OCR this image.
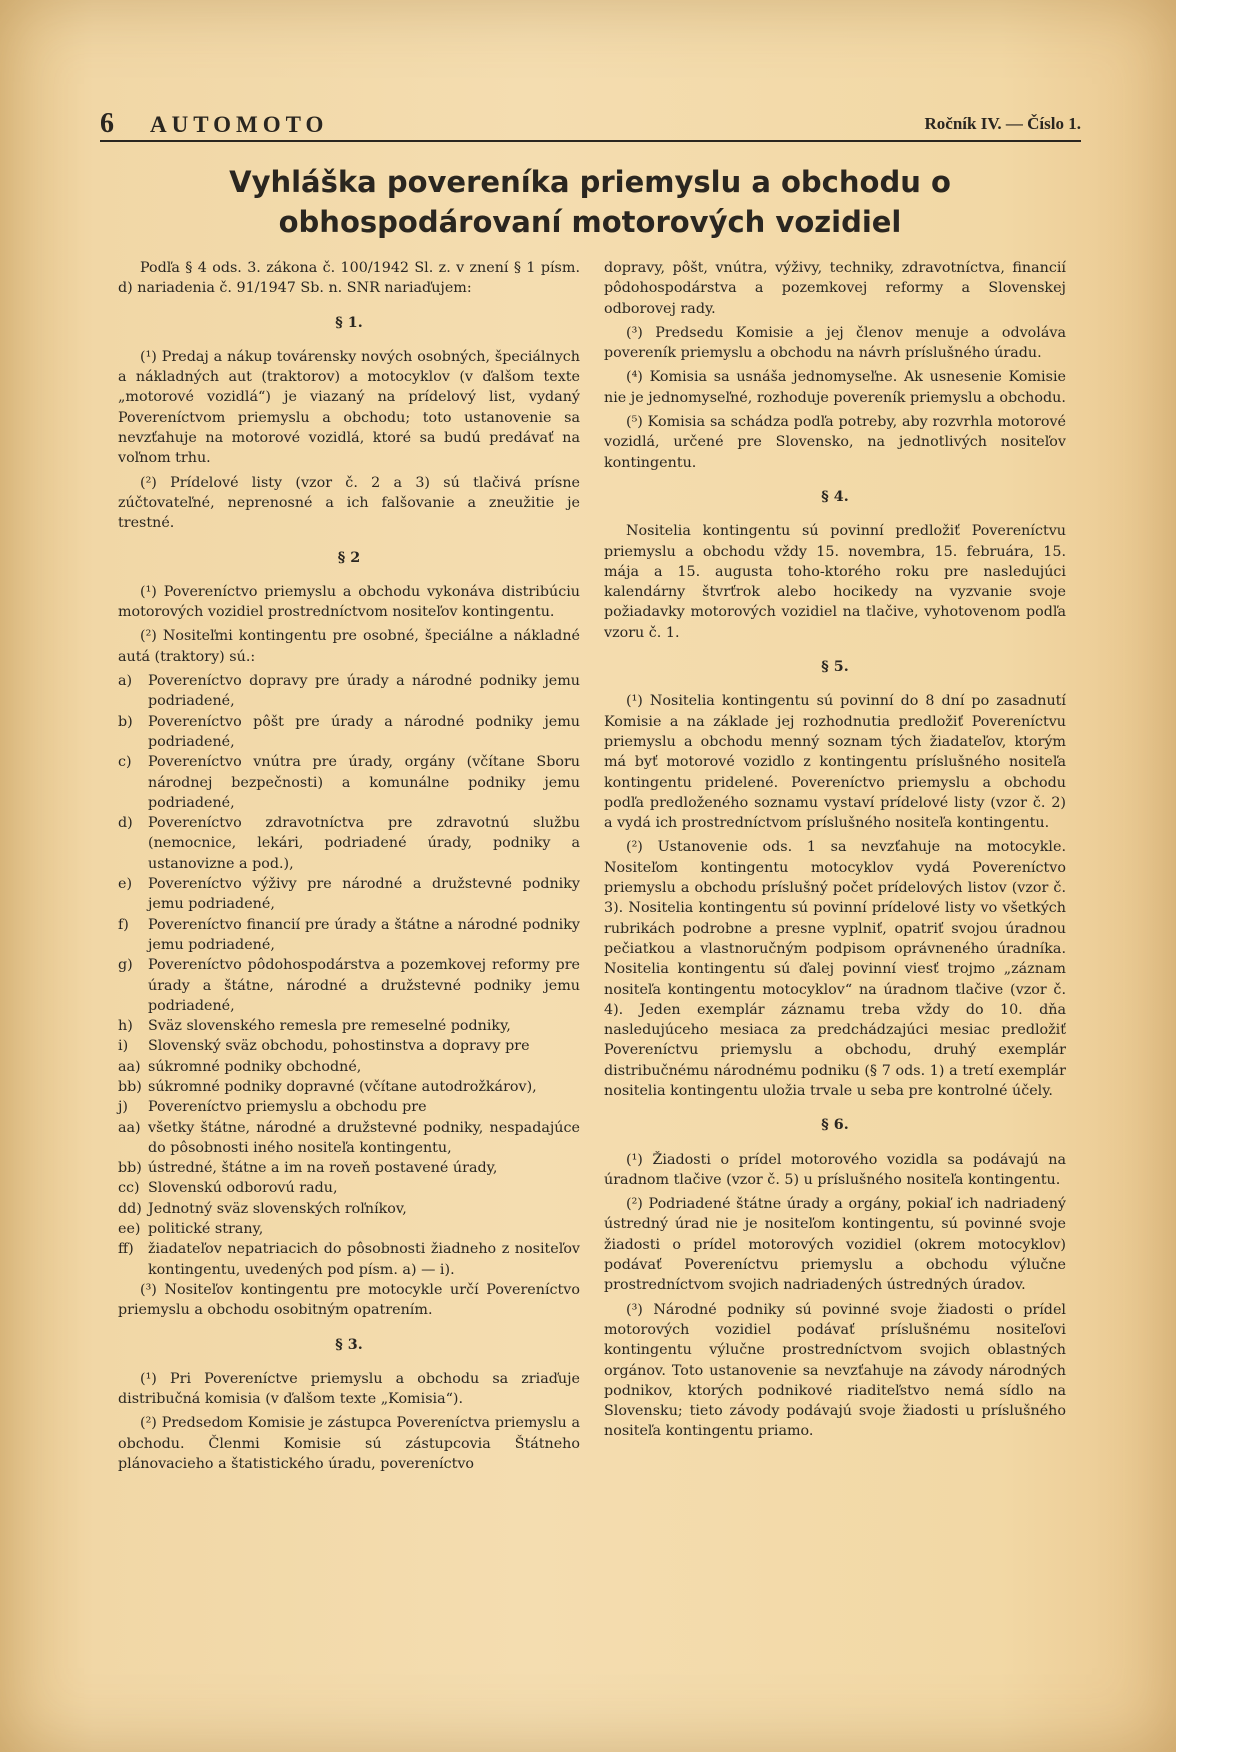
6 AUTOMOTO	Ročník IV. — Číslo 1.
Vyhláška povereníka priemyslu a obchodu o obhospodárovaní motorových vozidiel

Podľa § 4 ods. 3. zákona č. 100/1942 Sl. z. v znení § 1 písm. d) nariadenia č. 91/1947 Sb. n. SNR nariaďujem:

§ 1.

(¹) Predaj a nákup továrensky nových osobných, špeciálnych a nákladných aut (traktorov) a motocyklov (v ďalšom texte „motorové vozidlá“) je viazaný na prídelový list, vydaný Povereníctvom priemyslu a obchodu; toto ustanovenie sa nevzťahuje na motorové vozidlá, ktoré sa budú predávať na voľnom trhu.

(²) Prídelové listy (vzor č. 2 a 3) sú tlačivá prísne zúčtovateľné, neprenosné a ich falšovanie a zneužitie je trestné.

§ 2

(¹) Povereníctvo priemyslu a obchodu vykonáva distribúciu motorových vozidiel prostredníctvom nositeľov kontingentu.

(²) Nositeľmi kontingentu pre osobné, špeciálne a nákladné autá (traktory) sú.:

a)	Povereníctvo dopravy pre úrady a národné podniky jemu podriadené,
b)	Povereníctvo pôšt pre úrady a národné podniky jemu podriadené,
c)	Povereníctvo vnútra pre úrady, orgány (včítane Sboru národnej bezpečnosti) a komunálne podniky jemu podriadené,
d)	Povereníctvo zdravotníctva pre zdravotnú službu (nemocnice, lekári, podriadené úrady, podniky a ustanovizne a pod.),
e)	Povereníctvo výživy pre národné a družstevné podniky jemu podriadené,
f)	Povereníctvo financií pre úrady a štátne a národné podniky jemu podriadené,
g)	Povereníctvo pôdohospodárstva a pozemkovej reformy pre úrady a štátne, národné a družstevné podniky jemu podriadené,
h)	Sväz slovenského remesla pre remeselné podniky,
i)	Slovenský sväz obchodu, pohostinstva a dopravy pre
aa) súkromné podniky obchodné,
bb) súkromné podniky dopravné (včítane autodrožkárov),
j)	Povereníctvo priemyslu a obchodu pre
aa) všetky štátne, národné a družstevné podniky, nespadajúce do pôsobnosti iného nositeľa kontingentu,
bb) ústredné, štátne a im na roveň postavené úrady,
cc) Slovenskú odborovú radu,
dd) Jednotný sväz slovenských roľníkov,
ee) politické strany,
ff) žiadateľov nepatriacich do pôsobnosti žiadneho z nositeľov kontingentu, uvedených pod písm. a) — i).

(³) Nositeľov kontingentu pre motocykle určí Povereníctvo priemyslu a obchodu osobitným opatrením.

§ 3.

(¹) Pri Povereníctve priemyslu a obchodu sa zriaďuje distribučná komisia (v ďalšom texte „Komisia“).

(²) Predsedom Komisie je zástupca Povereníctva priemyslu a obchodu. Členmi Komisie sú zástupcovia Štátneho plánovacieho a štatistického úradu, povereníctvo

dopravy, pôšt, vnútra, výživy, techniky, zdravotníctva, financií pôdohospodárstva a pozemkovej reformy a Slovenskej odborovej rady.

(³) Predsedu Komisie a jej členov menuje a odvoláva povereník priemyslu a obchodu na návrh príslušného úradu.

(⁴) Komisia sa usnáša jednomyseľne. Ak usnesenie Komisie nie je jednomyseľné, rozhoduje povereník priemyslu a obchodu.

(⁵) Komisia sa schádza podľa potreby, aby rozvrhla motorové vozidlá, určené pre Slovensko, na jednotlivých nositeľov kontingentu.

§ 4.

Nositelia kontingentu sú povinní predložiť Povereníctvu priemyslu a obchodu vždy 15. novembra, 15. februára, 15. mája a 15. augusta toho-ktorého roku pre nasledujúci kalendárny štvrťrok alebo hocikedy na vyzvanie svoje požiadavky motorových vozidiel na tlačive, vyhotovenom podľa vzoru č. 1.

§ 5.

(¹) Nositelia kontingentu sú povinní do 8 dní po zasadnutí Komisie a na základe jej rozhodnutia predložiť Povereníctvu priemyslu a obchodu menný soznam tých žiadateľov, ktorým má byť motorové vozidlo z kontingentu príslušného nositeľa kontingentu pridelené. Povereníctvo priemyslu a obchodu podľa predloženého soznamu vystaví prídelové listy (vzor č. 2) a vydá ich prostredníctvom príslušného nositeľa kontingentu.

(²) Ustanovenie ods. 1 sa nevzťahuje na motocykle. Nositeľom kontingentu motocyklov vydá Povereníctvo priemyslu a obchodu príslušný počet prídelových listov (vzor č. 3). Nositelia kontingentu sú povinní prídelové listy vo všetkých rubrikách podrobne a presne vyplniť, opatriť svojou úradnou pečiatkou a vlastnoručným podpisom oprávneného úradníka. Nositelia kontingentu sú ďalej povinní viesť trojmo „záznam nositeľa kontingentu motocyklov“ na úradnom tlačive (vzor č. 4). Jeden exemplár záznamu treba vždy do 10. dňa nasledujúceho mesiaca za predchádzajúci mesiac predložiť Povereníctvu priemyslu a obchodu, druhý exemplár distribučnému národnému podniku (§ 7 ods. 1) a tretí exemplár nositelia kontingentu uložia trvale u seba pre kontrolné účely.

§ 6.

(¹) Žiadosti o prídel motorového vozidla sa podávajú na úradnom tlačive (vzor č. 5) u príslušného nositeľa kontingentu.

(²) Podriadené štátne úrady a orgány, pokiaľ ich nadriadený ústredný úrad nie je nositeľom kontingentu, sú povinné svoje žiadosti o prídel motorových vozidiel (okrem motocyklov) podávať Povereníctvu priemyslu a obchodu výlučne prostredníctvom svojich nadriadených ústredných úradov.

(³) Národné podniky sú povinné svoje žiadosti o prídel motorových vozidiel podávať príslušnému nositeľovi kontingentu výlučne prostredníctvom svojich oblastných orgánov. Toto ustanovenie sa nevzťahuje na závody národných podnikov, ktorých podnikové riaditeľstvo nemá sídlo na Slovensku; tieto závody podávajú svoje žiadosti u príslušného nositeľa kontingentu priamo.
